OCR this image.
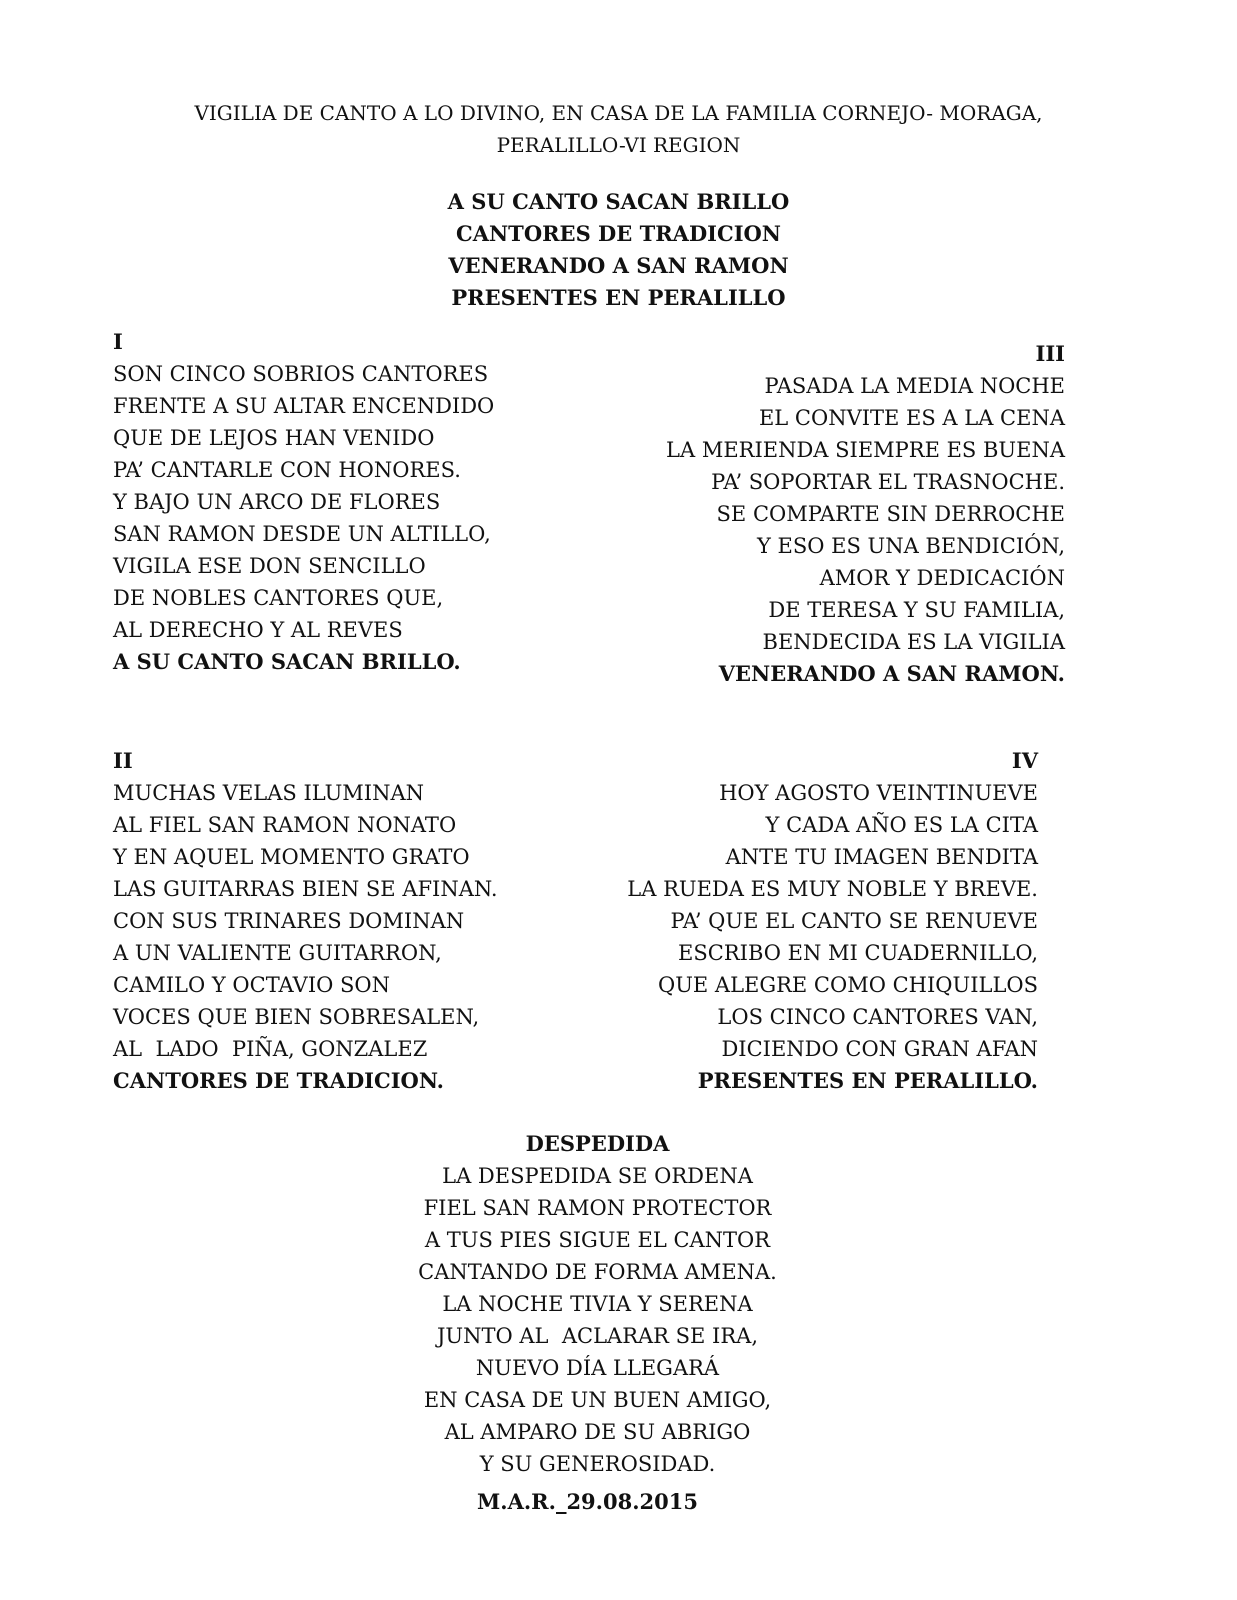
VIGILIA DE CANTO A LO DIVINO, EN CASA DE LA FAMILIA CORNEJO- MORAGA,
PERALILLO-VI REGION
A SU CANTO SACAN BRILLO
CANTORES DE TRADICION
VENERANDO A SAN RAMON
PRESENTES EN PERALILLO
I
SON CINCO SOBRIOS CANTORES
FRENTE A SU ALTAR ENCENDIDO
QUE DE LEJOS HAN VENIDO
PA’ CANTARLE CON HONORES.
Y BAJO UN ARCO DE FLORES
SAN RAMON DESDE UN ALTILLO,
VIGILA ESE DON SENCILLO
DE NOBLES CANTORES QUE,
AL DERECHO Y AL REVES
A SU CANTO SACAN BRILLO.
III
PASADA LA MEDIA NOCHE
EL CONVITE ES A LA CENA
LA MERIENDA SIEMPRE ES BUENA
PA’ SOPORTAR EL TRASNOCHE.
SE COMPARTE SIN DERROCHE
Y ESO ES UNA BENDICIÓN,
AMOR Y DEDICACIÓN
DE TERESA Y SU FAMILIA,
BENDECIDA ES LA VIGILIA
VENERANDO A SAN RAMON.
II
MUCHAS VELAS ILUMINAN
AL FIEL SAN RAMON NONATO
Y EN AQUEL MOMENTO GRATO
LAS GUITARRAS BIEN SE AFINAN.
CON SUS TRINARES DOMINAN
A UN VALIENTE GUITARRON,
CAMILO Y OCTAVIO SON
VOCES QUE BIEN SOBRESALEN,
AL  LADO  PIÑA, GONZALEZ
CANTORES DE TRADICION.
IV
HOY AGOSTO VEINTINUEVE
Y CADA AÑO ES LA CITA
ANTE TU IMAGEN BENDITA
LA RUEDA ES MUY NOBLE Y BREVE.
PA’ QUE EL CANTO SE RENUEVE
ESCRIBO EN MI CUADERNILLO,
QUE ALEGRE COMO CHIQUILLOS
LOS CINCO CANTORES VAN,
DICIENDO CON GRAN AFAN
PRESENTES EN PERALILLO.
DESPEDIDA
LA DESPEDIDA SE ORDENA
FIEL SAN RAMON PROTECTOR
A TUS PIES SIGUE EL CANTOR
CANTANDO DE FORMA AMENA.
LA NOCHE TIVIA Y SERENA
JUNTO AL  ACLARAR SE IRA,
NUEVO DÍA LLEGARÁ
EN CASA DE UN BUEN AMIGO,
AL AMPARO DE SU ABRIGO
Y SU GENEROSIDAD.
M.A.R._29.08.2015
